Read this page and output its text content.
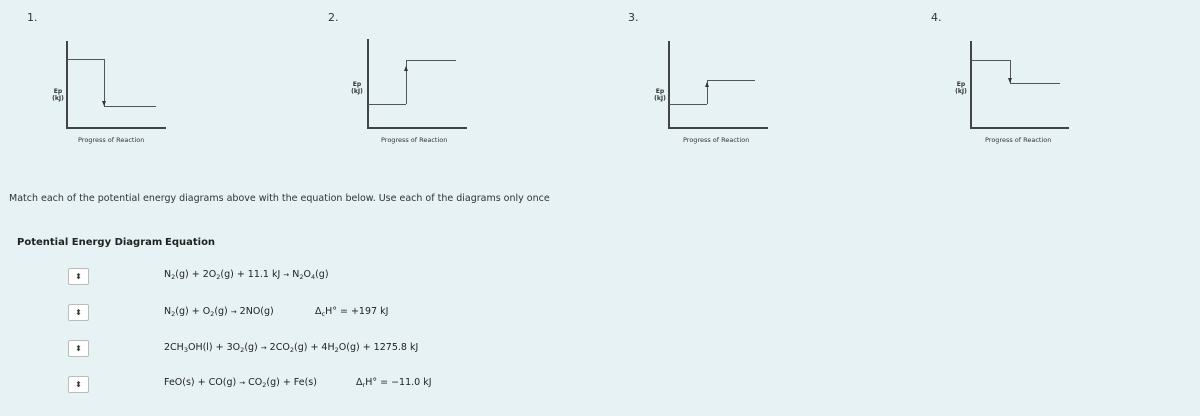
1.
Ep
(kJ)
Progress of Reaction
2.
Ep
(kJ)
Progress of Reaction
3.
Ep
(kJ)
Progress of Reaction
4.
Ep
(kJ)
Progress of Reaction
Match each of the potential energy diagrams above with the equation below. Use each of the diagrams only once
Potential Energy Diagram Equation
⬍	$N_2(g) + 2O_2(g) + 11.1$ kJ → $N_2O_4(g)$
⬍	$N_2(g) + O_2(g) \to 2NO(g)$	$\Delta_cH^\circ = +197$ kJ
⬍	$2CH_3OH(l) + 3O_2(g) \to 2CO_2(g) + 4H_2O(g) + 1275.8$ kJ
⬍	$FeO(s) + CO(g) \to CO_2(g) + Fe(s)$	$\Delta_rH^\circ = -11.0$ kJ
